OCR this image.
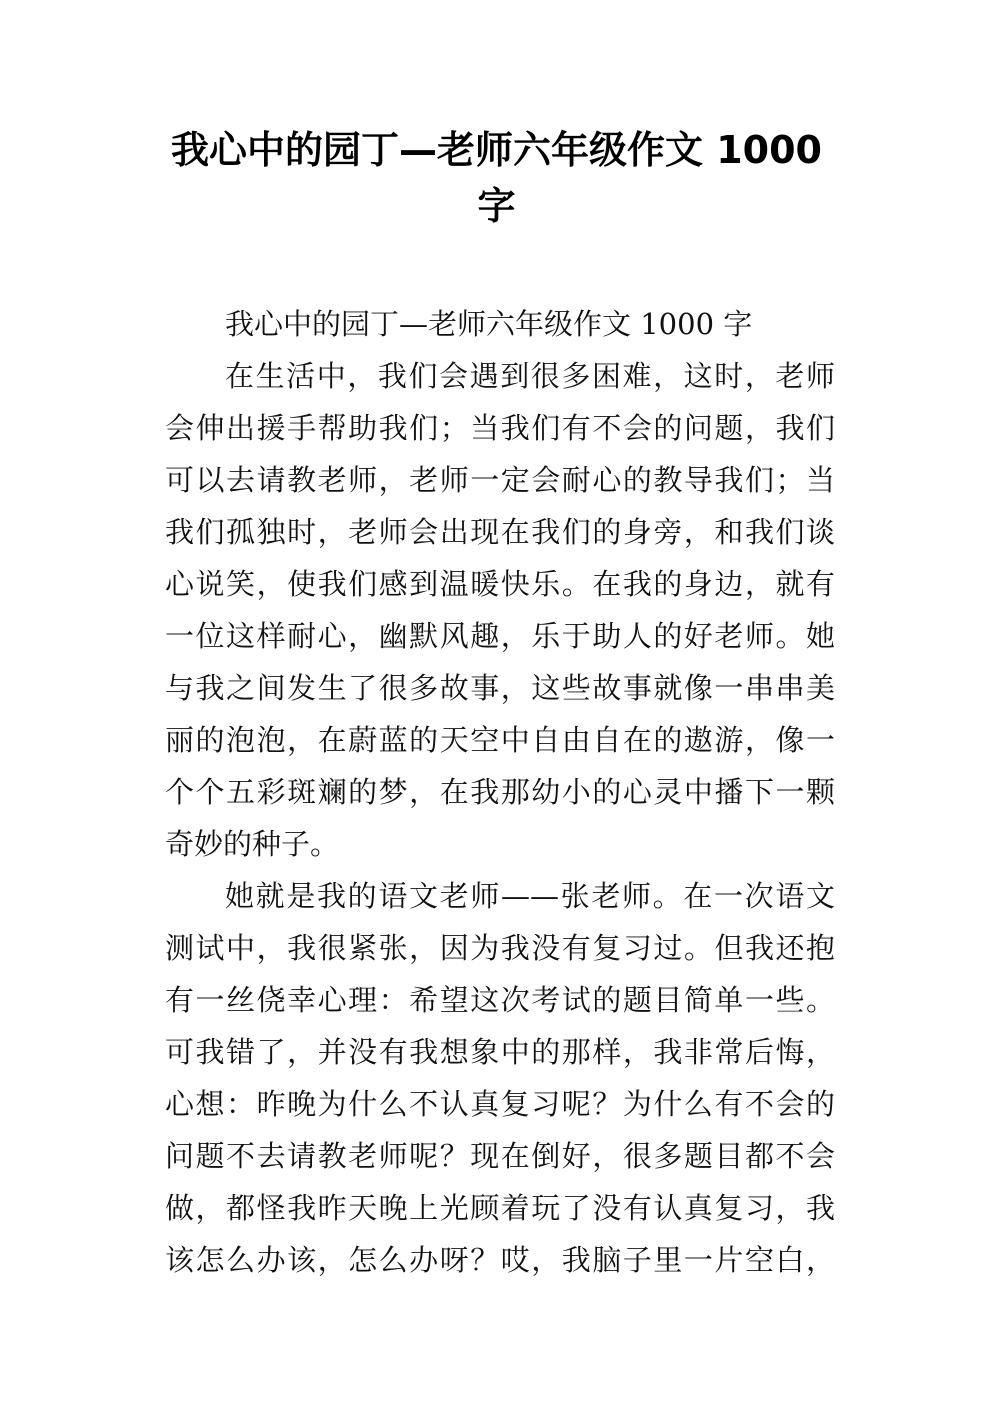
我心中的园丁—老师六年级作文 1000
字
我心中的园丁—老师六年级作文 1000 字
在生活中，我们会遇到很多困难，这时，老师
会伸出援手帮助我们；当我们有不会的问题，我们
可以去请教老师，老师一定会耐心的教导我们；当
我们孤独时，老师会出现在我们的身旁，和我们谈
心说笑，使我们感到温暖快乐。在我的身边，就有
一位这样耐心，幽默风趣，乐于助人的好老师。她
与我之间发生了很多故事，这些故事就像一串串美
丽的泡泡，在蔚蓝的天空中自由自在的遨游，像一
个个五彩斑斓的梦，在我那幼小的心灵中播下一颗
奇妙的种子。
她就是我的语文老师——张老师。在一次语文
测试中，我很紧张，因为我没有复习过。但我还抱
有一丝侥幸心理：希望这次考试的题目简单一些。
可我错了，并没有我想象中的那样，我非常后悔，
心想：昨晚为什么不认真复习呢？为什么有不会的
问题不去请教老师呢？现在倒好，很多题目都不会
做，都怪我昨天晚上光顾着玩了没有认真复习，我
该怎么办该，怎么办呀？哎，我脑子里一片空白，
